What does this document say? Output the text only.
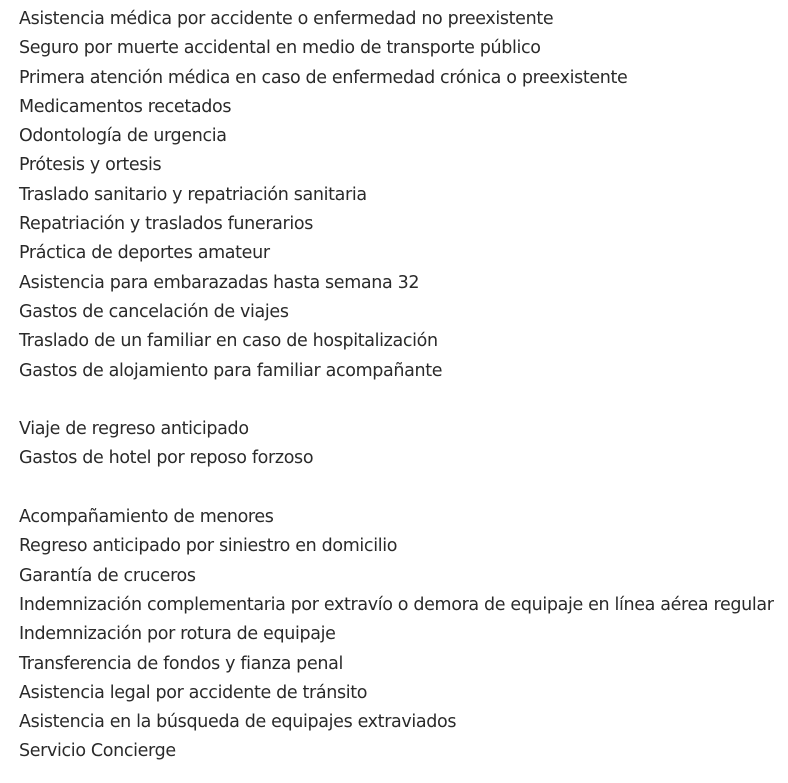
Asistencia médica por accidente o enfermedad no preexistente
Seguro por muerte accidental en medio de transporte público
Primera atención médica en caso de enfermedad crónica o preexistente
Medicamentos recetados
Odontología de urgencia
Prótesis y ortesis
Traslado sanitario y repatriación sanitaria
Repatriación y traslados funerarios
Práctica de deportes amateur
Asistencia para embarazadas hasta semana 32
Gastos de cancelación de viajes
Traslado de un familiar en caso de hospitalización
Gastos de alojamiento para familiar acompañante
Viaje de regreso anticipado
Gastos de hotel por reposo forzoso
Acompañamiento de menores
Regreso anticipado por siniestro en domicilio
Garantía de cruceros
Indemnización complementaria por extravío o demora de equipaje en línea aérea regular
Indemnización por rotura de equipaje
Transferencia de fondos y fianza penal
Asistencia legal por accidente de tránsito
Asistencia en la búsqueda de equipajes extraviados
Servicio Concierge
